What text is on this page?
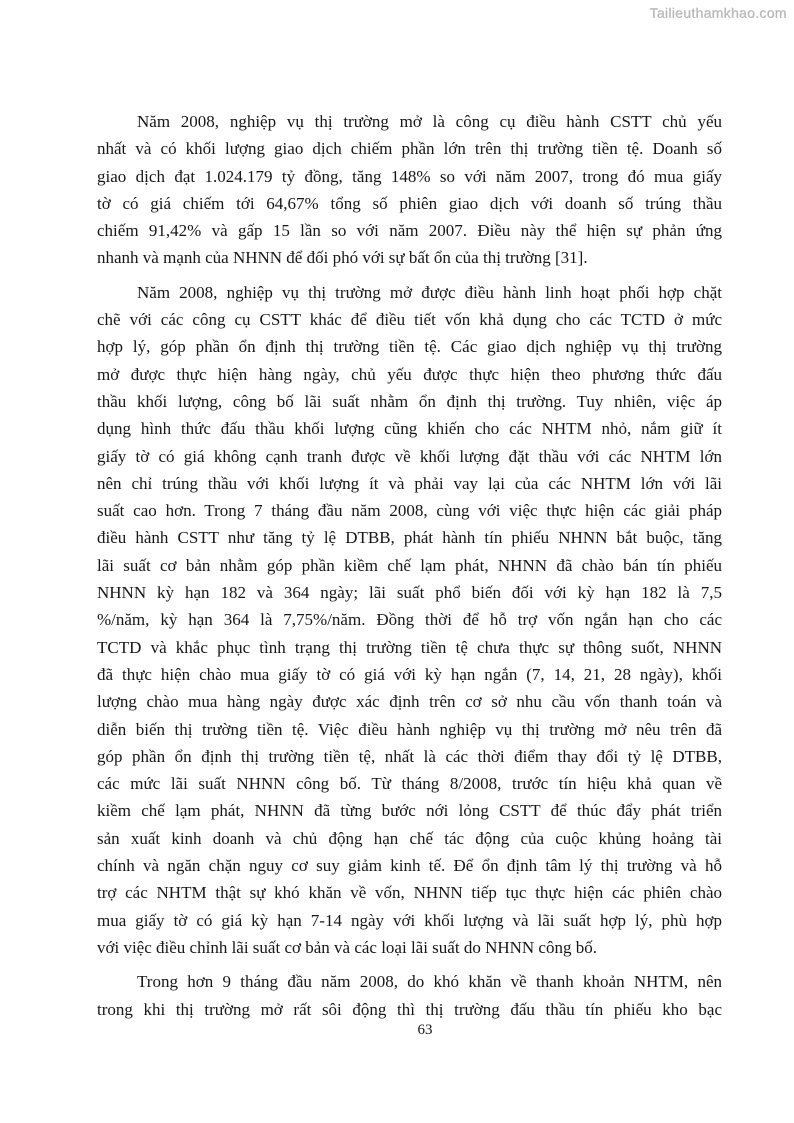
Tailieuthamkhao.com

Năm 2008, nghiệp vụ thị trường mở là công cụ điều hành CSTT chủ yếu
nhất và có khối lượng giao dịch chiếm phần lớn trên thị trường tiền tệ. Doanh số
giao dịch đạt 1.024.179 tỷ đồng, tăng 148% so với năm 2007, trong đó mua giấy
tờ có giá chiếm tới 64,67% tổng số phiên giao dịch với doanh số trúng thầu
chiếm 91,42% và gấp 15 lần so với năm 2007. Điều này thể hiện sự phản ứng
nhanh và mạnh của NHNN để đối phó với sự bất ổn của thị trường [31].

Năm 2008, nghiệp vụ thị trường mở được điều hành linh hoạt phối hợp chặt
chẽ với các công cụ CSTT khác để điều tiết vốn khả dụng cho các TCTD ở mức
hợp lý, góp phần ổn định thị trường tiền tệ. Các giao dịch nghiệp vụ thị trường
mở được thực hiện hàng ngày, chủ yếu được thực hiện theo phương thức đấu
thầu khối lượng, công bố lãi suất nhằm ổn định thị trường. Tuy nhiên, việc áp
dụng hình thức đấu thầu khối lượng cũng khiến cho các NHTM nhỏ, nắm giữ ít
giấy tờ có giá không cạnh tranh được về khối lượng đặt thầu với các NHTM lớn
nên chỉ trúng thầu với khối lượng ít và phải vay lại của các NHTM lớn với lãi
suất cao hơn. Trong 7 tháng đầu năm 2008, cùng với việc thực hiện các giải pháp
điều hành CSTT như tăng tỷ lệ DTBB, phát hành tín phiếu NHNN bắt buộc, tăng
lãi suất cơ bản nhằm góp phần kiềm chế lạm phát, NHNN đã chào bán tín phiếu
NHNN kỳ hạn 182 và 364 ngày; lãi suất phổ biến đối với kỳ hạn 182 là 7,5
%/năm, kỳ hạn 364 là 7,75%/năm. Đồng thời để hỗ trợ vốn ngắn hạn cho các
TCTD và khắc phục tình trạng thị trường tiền tệ chưa thực sự thông suốt, NHNN
đã thực hiện chào mua giấy tờ có giá với kỳ hạn ngắn (7, 14, 21, 28 ngày), khối
lượng chào mua hàng ngày được xác định trên cơ sở nhu cầu vốn thanh toán và
diễn biến thị trường tiền tệ. Việc điều hành nghiệp vụ thị trường mở nêu trên đã
góp phần ổn định thị trường tiền tệ, nhất là các thời điểm thay đổi tỷ lệ DTBB,
các mức lãi suất NHNN công bố. Từ tháng 8/2008, trước tín hiệu khả quan về
kiềm chế lạm phát, NHNN đã từng bước nới lỏng CSTT để thúc đẩy phát triển
sản xuất kinh doanh và chủ động hạn chế tác động của cuộc khủng hoảng tài
chính và ngăn chặn nguy cơ suy giảm kinh tế. Để ổn định tâm lý thị trường và hỗ
trợ các NHTM thật sự khó khăn về vốn, NHNN tiếp tục thực hiện các phiên chào
mua giấy tờ có giá kỳ hạn 7-14 ngày với khối lượng và lãi suất hợp lý, phù hợp
với việc điều chỉnh lãi suất cơ bản và các loại lãi suất do NHNN công bố.

Trong hơn 9 tháng đầu năm 2008, do khó khăn về thanh khoản NHTM, nên
trong khi thị trường mở rất sôi động thì thị trường đấu thầu tín phiếu kho bạc

63
